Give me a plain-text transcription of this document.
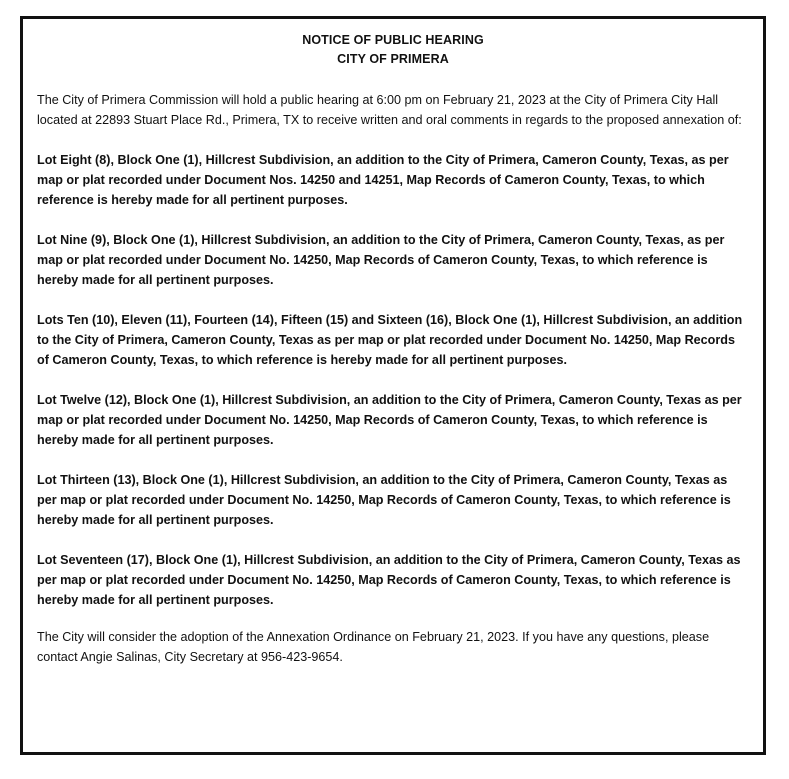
NOTICE OF PUBLIC HEARING
CITY OF PRIMERA

The City of Primera Commission will hold a public hearing at 6:00 pm on February 21, 2023 at the City of Primera City Hall located at 22893 Stuart Place Rd., Primera, TX to receive written and oral comments in regards to the proposed annexation of:

Lot Eight (8), Block One (1), Hillcrest Subdivision, an addition to the City of Primera, Cameron County, Texas, as per map or plat recorded under Document Nos. 14250 and 14251, Map Records of Cameron County, Texas, to which reference is hereby made for all pertinent purposes.

Lot Nine (9), Block One (1), Hillcrest Subdivision, an addition to the City of Primera, Cameron County, Texas, as per map or plat recorded under Document No. 14250, Map Records of Cameron County, Texas, to which reference is hereby made for all pertinent purposes.

Lots Ten (10), Eleven (11), Fourteen (14), Fifteen (15) and Sixteen (16), Block One (1), Hillcrest Subdivision, an addition to the City of Primera, Cameron County, Texas as per map or plat recorded under Document No. 14250, Map Records of Cameron County, Texas, to which reference is hereby made for all pertinent purposes.

Lot Twelve (12), Block One (1), Hillcrest Subdivision, an addition to the City of Primera, Cameron County, Texas as per map or plat recorded under Document No. 14250, Map Records of Cameron County, Texas, to which reference is hereby made for all pertinent purposes.

Lot Thirteen (13), Block One (1), Hillcrest Subdivision, an addition to the City of Primera, Cameron County, Texas as per map or plat recorded under Document No. 14250, Map Records of Cameron County, Texas, to which reference is hereby made for all pertinent purposes.

Lot Seventeen (17), Block One (1), Hillcrest Subdivision, an addition to the City of Primera, Cameron County, Texas as per map or plat recorded under Document No. 14250, Map Records of Cameron County, Texas, to which reference is hereby made for all pertinent purposes.

The City will consider the adoption of the Annexation Ordinance on February 21, 2023. If you have any questions, please contact Angie Salinas, City Secretary at 956-423-9654.
